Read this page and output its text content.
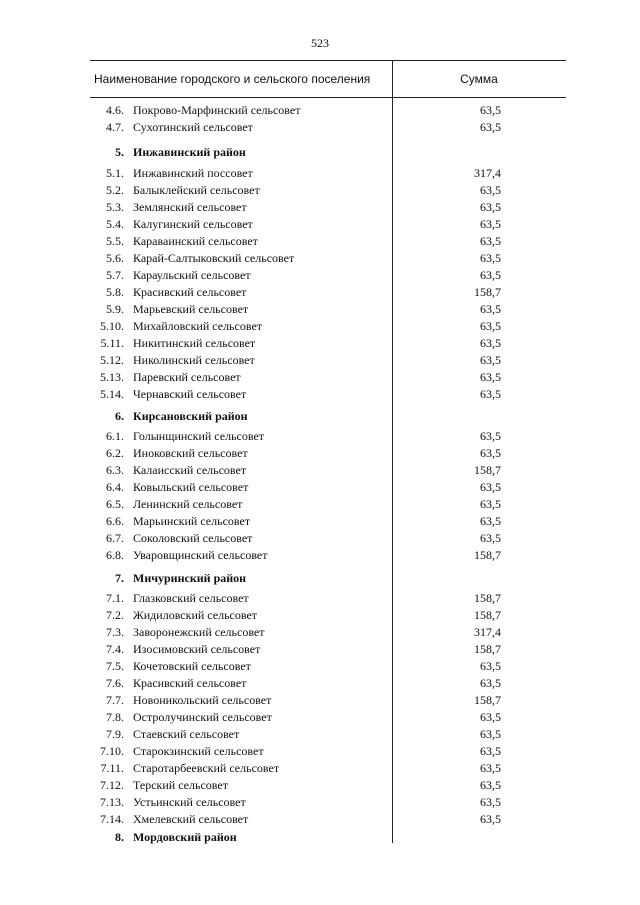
523
Наименование городского и сельского поселения	Сумма
4.6. Покрово-Марфинский сельсовет	63,5
4.7. Сухотинский сельсовет	63,5
5. Инжавинский район
5.1. Инжавинский поссовет	317,4
5.2. Балыклейский сельсовет	63,5
5.3. Землянский сельсовет	63,5
5.4. Калугинский сельсовет	63,5
5.5. Караваинский сельсовет	63,5
5.6. Карай-Салтыковский сельсовет	63,5
5.7. Караульский сельсовет	63,5
5.8. Красивский сельсовет	158,7
5.9. Марьевский сельсовет	63,5
5.10. Михайловский сельсовет	63,5
5.11. Никитинский сельсовет	63,5
5.12. Николинский сельсовет	63,5
5.13. Паревский сельсовет	63,5
5.14. Чернавский сельсовет	63,5
6. Кирсановский район
6.1. Голынщинский сельсовет	63,5
6.2. Иноковский сельсовет	63,5
6.3. Калаисский сельсовет	158,7
6.4. Ковыльский сельсовет	63,5
6.5. Ленинский сельсовет	63,5
6.6. Марьинский сельсовет	63,5
6.7. Соколовский сельсовет	63,5
6.8. Уваровщинский сельсовет	158,7
7. Мичуринский район
7.1. Глазковский сельсовет	158,7
7.2. Жидиловский сельсовет	158,7
7.3. Заворонежский сельсовет	317,4
7.4. Изосимовский сельсовет	158,7
7.5. Кочетовский сельсовет	63,5
7.6. Красивский сельсовет	63,5
7.7. Новоникольский сельсовет	158,7
7.8. Остролучинский сельсовет	63,5
7.9. Стаевский сельсовет	63,5
7.10. Старокзинский сельсовет	63,5
7.11. Старотарбеевский сельсовет	63,5
7.12. Терский сельсовет	63,5
7.13. Устьинский сельсовет	63,5
7.14. Хмелевский сельсовет	63,5
8. Мордовский район
